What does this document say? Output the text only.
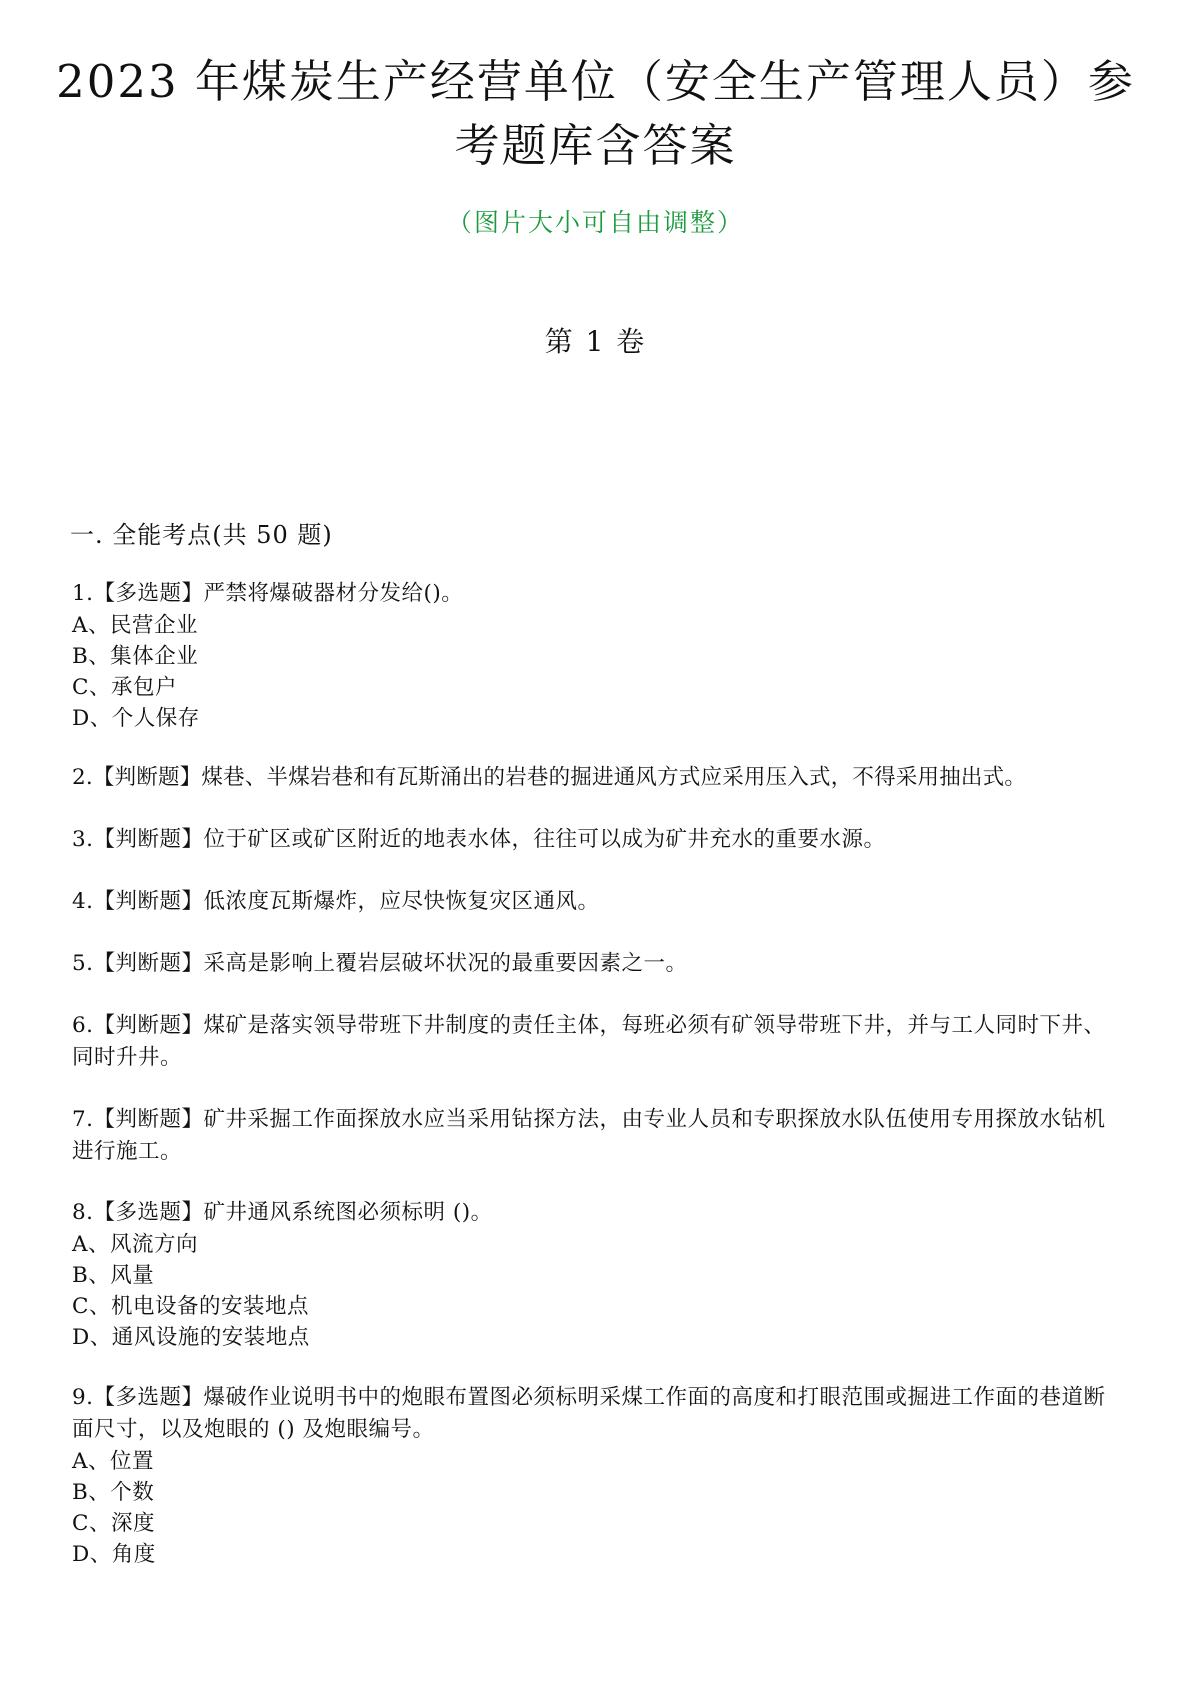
2023 年煤炭生产经营单位（安全生产管理人员）参
考题库含答案
（图片大小可自由调整）
第 1 卷
一. 全能考点(共 50 题)
1.【多选题】严禁将爆破器材分发给()。
A、民营企业
B、集体企业
C、承包户
D、个人保存
2.【判断题】煤巷、半煤岩巷和有瓦斯涌出的岩巷的掘进通风方式应采用压入式，不得采用抽出式。
3.【判断题】位于矿区或矿区附近的地表水体，往往可以成为矿井充水的重要水源。
4.【判断题】低浓度瓦斯爆炸，应尽快恢复灾区通风。
5.【判断题】采高是影响上覆岩层破坏状况的最重要因素之一。
6.【判断题】煤矿是落实领导带班下井制度的责任主体，每班必须有矿领导带班下井，并与工人同时下井、同时升井。
7.【判断题】矿井采掘工作面探放水应当采用钻探方法，由专业人员和专职探放水队伍使用专用探放水钻机进行施工。
8.【多选题】矿井通风系统图必须标明 ()。
A、风流方向
B、风量
C、机电设备的安装地点
D、通风设施的安装地点
9.【多选题】爆破作业说明书中的炮眼布置图必须标明采煤工作面的高度和打眼范围或掘进工作面的巷道断面尺寸，以及炮眼的 () 及炮眼编号。
A、位置
B、个数
C、深度
D、角度
